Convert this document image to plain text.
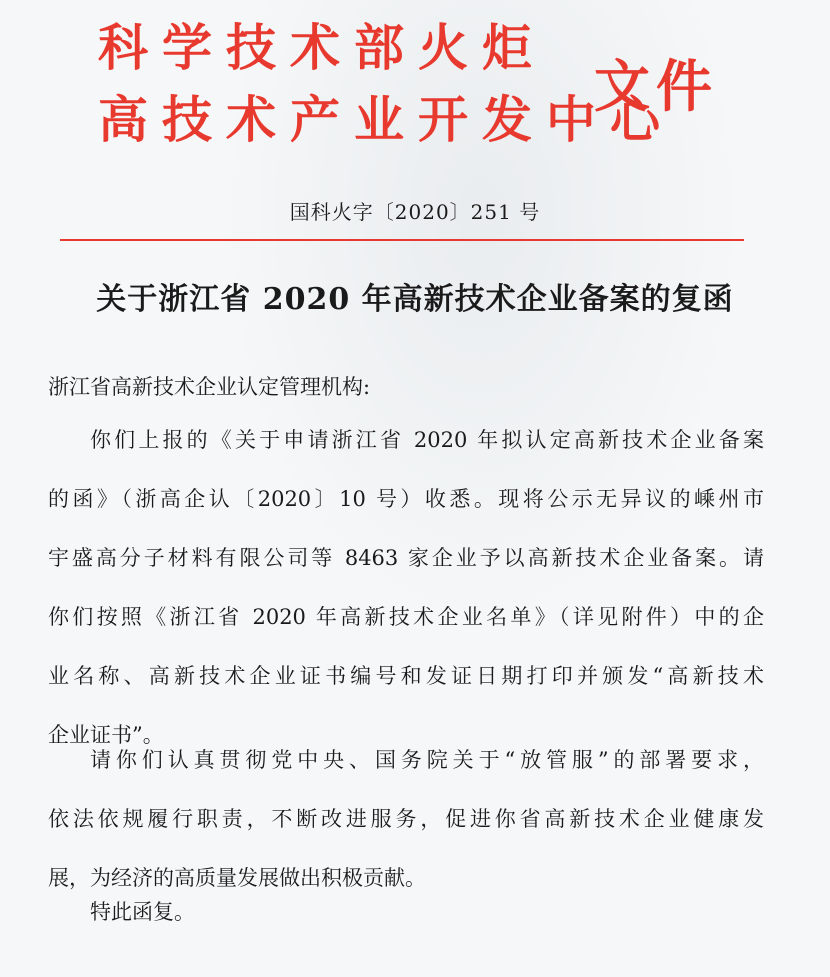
科学技术部火炬
高技术产业开发中心
文件
国科火字〔2020〕251 号
关于浙江省 2020 年高新技术企业备案的复函
浙江省高新技术企业认定管理机构:
你们上报的《关于申请浙江省 2020 年拟认定高新技术企业备案
的函》（浙高企认〔2020〕10 号）收悉。现将公示无异议的嵊州市
宇盛高分子材料有限公司等 8463 家企业予以高新技术企业备案。请
你们按照《浙江省 2020 年高新技术企业名单》（详见附件）中的企
业名称、高新技术企业证书编号和发证日期打印并颁发“高新技术
企业证书”。
请你们认真贯彻党中央、国务院关于“放管服”的部署要求，
依法依规履行职责，不断改进服务，促进你省高新技术企业健康发
展，为经济的高质量发展做出积极贡献。
特此函复。
